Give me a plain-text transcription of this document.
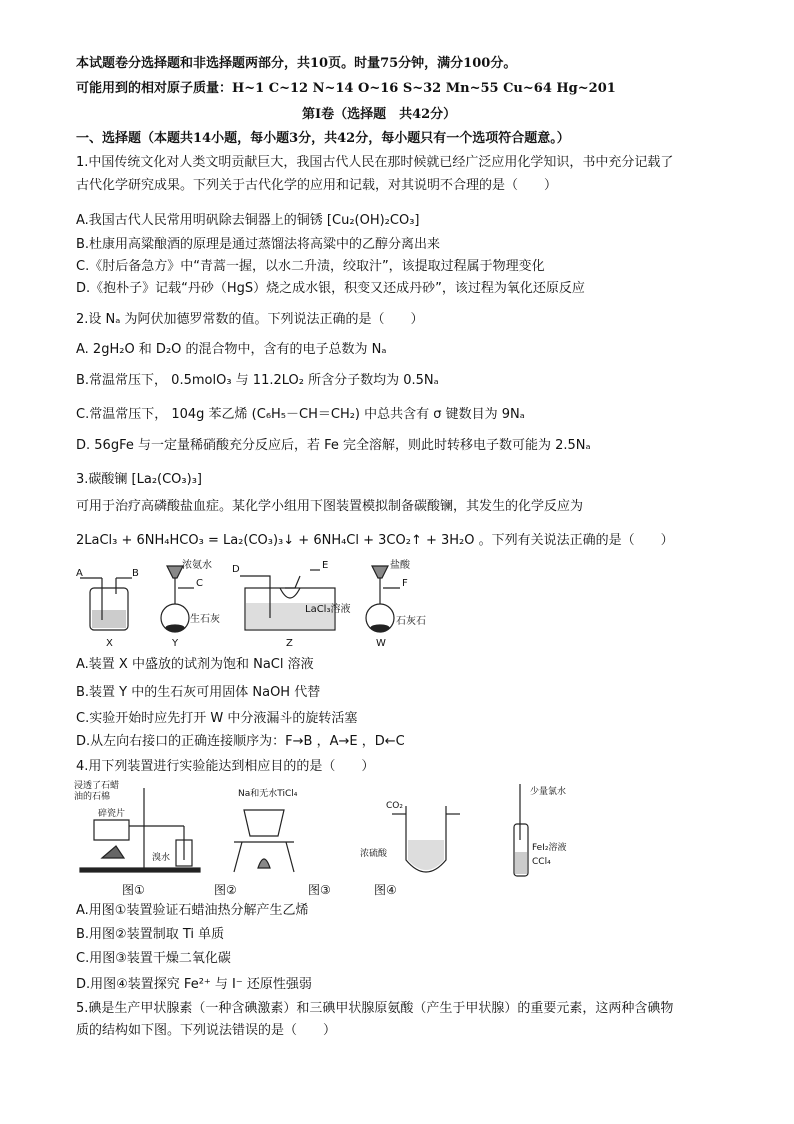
本试题卷分选择题和非选择题两部分，共10页。时量75分钟，满分100分。
可能用到的相对原子质量：H~1 C~12 N~14 O~16 S~32 Mn~55 Cu~64 Hg~201
第Ⅰ卷（选择题　共42分）
一、选择题（本题共14小题，每小题3分，共42分，每小题只有一个选项符合题意。）
1.中国传统文化对人类文明贡献巨大，我国古代人民在那时候就已经广泛应用化学知识，书中充分记载了
古代化学研究成果。下列关于古代化学的应用和记载，对其说明不合理的是（　　）
A.我国古代人民常用明矾除去铜器上的铜锈 [Cu₂(OH)₂CO₃]
B.杜康用高粱酿酒的原理是通过蒸馏法将高粱中的乙醇分离出来
C.《肘后备急方》中“青蒿一握，以水二升渍，绞取汁”，该提取过程属于物理变化
D.《抱朴子》记载“丹砂（HgS）烧之成水银，积变又还成丹砂”，该过程为氧化还原反应
2.设 Nₐ 为阿伏加德罗常数的值。下列说法正确的是（　　）
A. 2gH₂O 和 D₂O 的混合物中，含有的电子总数为 Nₐ
B.常温常压下， 0.5molO₃ 与 11.2LO₂ 所含分子数均为 0.5Nₐ
C.常温常压下， 104g 苯乙烯 (C₆H₅－CH＝CH₂) 中总共含有 σ 键数目为 9Nₐ
D. 56gFe 与一定量稀硝酸充分反应后，若 Fe 完全溶解，则此时转移电子数可能为 2.5Nₐ
3.碳酸镧 [La₂(CO₃)₃]
可用于治疗高磷酸盐血症。某化学小组用下图装置模拟制备碳酸镧，其发生的化学反应为
2LaCl₃ + 6NH₄HCO₃ = La₂(CO₃)₃↓ + 6NH₄Cl + 3CO₂↑ + 3H₂O 。下列有关说法正确的是（　　）
A	B
C
D	E
F
浓氨水
生石灰
LaCl₃溶液
盐酸
石灰石
X	Y	Z	W
A.装置 X 中盛放的试剂为饱和 NaCl 溶液
B.装置 Y 中的生石灰可用固体 NaOH 代替
C.实验开始时应先打开 W 中分液漏斗的旋转活塞
D.从左向右接口的正确连接顺序为：F→B ，A→E ，D←C
4.用下列装置进行实验能达到相应目的的是（　　）
浸透了石蜡
油的石棉
碎瓷片
溴水
Na和无水TiCl₄
CO₂
浓硫酸
少量氯水
FeI₂溶液
CCl₄
图①	图②	图③	图④
A.用图①装置验证石蜡油热分解产生乙烯
B.用图②装置制取 Ti 单质
C.用图③装置干燥二氧化碳
D.用图④装置探究 Fe²⁺ 与 I⁻ 还原性强弱
5.碘是生产甲状腺素（一种含碘激素）和三碘甲状腺原氨酸（产生于甲状腺）的重要元素，这两种含碘物
质的结构如下图。下列说法错误的是（　　）
